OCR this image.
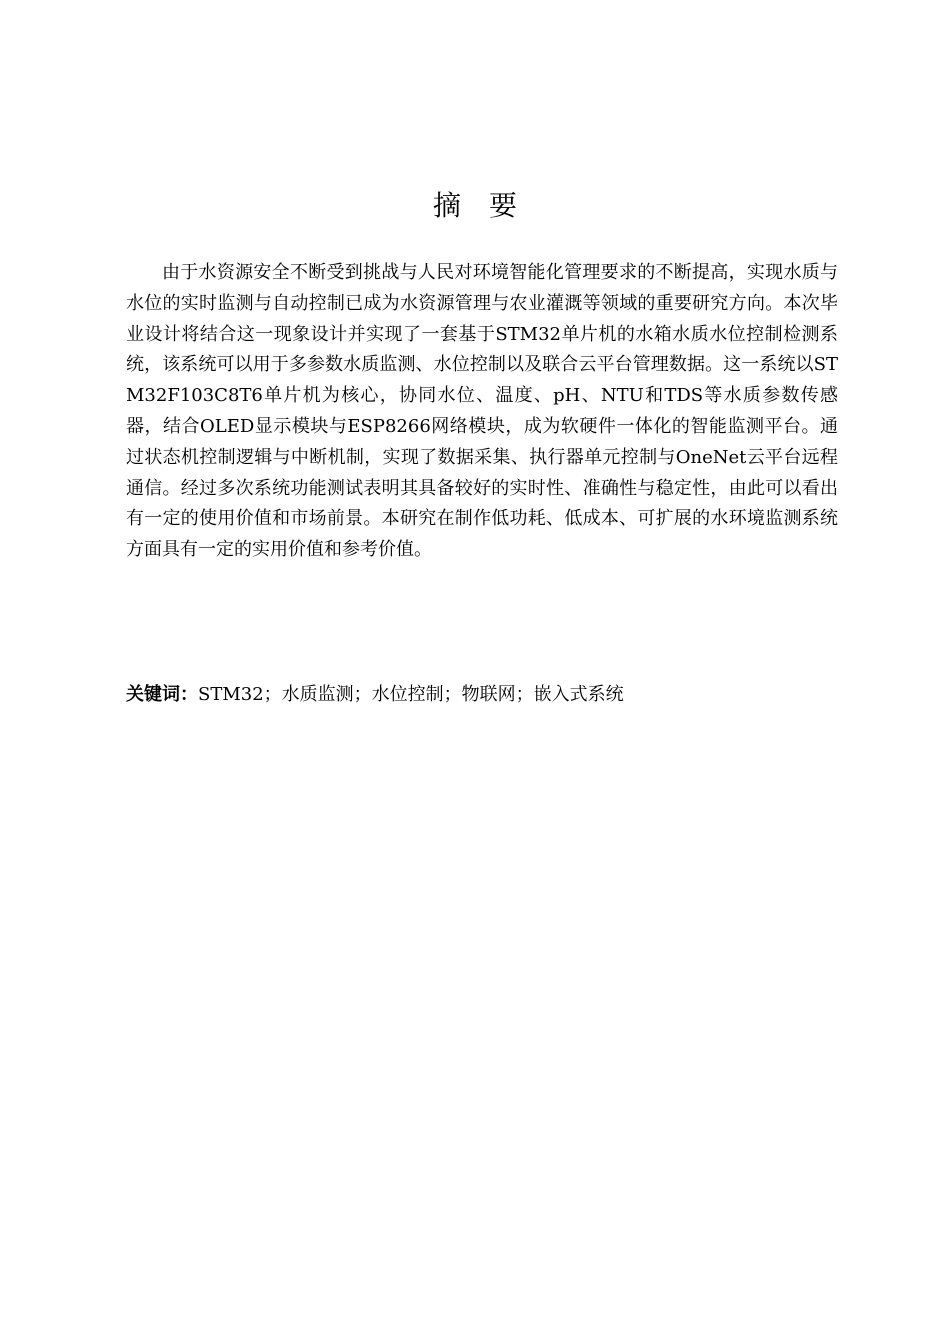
摘要

由于水资源安全不断受到挑战与人民对环境智能化管理要求的不断提高，实现水质与水位的实时监测与自动控制已成为水资源管理与农业灌溉等领域的重要研究方向。本次毕业设计将结合这一现象设计并实现了一套基于STM32单片机的水箱水质水位控制检测系统，该系统可以用于多参数水质监测、水位控制以及联合云平台管理数据。这一系统以STM32F103C8T6单片机为核心，协同水位、温度、pH、NTU和TDS等水质参数传感器，结合OLED显示模块与ESP8266网络模块，成为软硬件一体化的智能监测平台。通过状态机控制逻辑与中断机制，实现了数据采集、执行器单元控制与OneNet云平台远程通信。经过多次系统功能测试表明其具备较好的实时性、准确性与稳定性，由此可以看出有一定的使用价值和市场前景。本研究在制作低功耗、低成本、可扩展的水环境监测系统方面具有一定的实用价值和参考价值。

关键词：STM32；水质监测；水位控制；物联网；嵌入式系统
